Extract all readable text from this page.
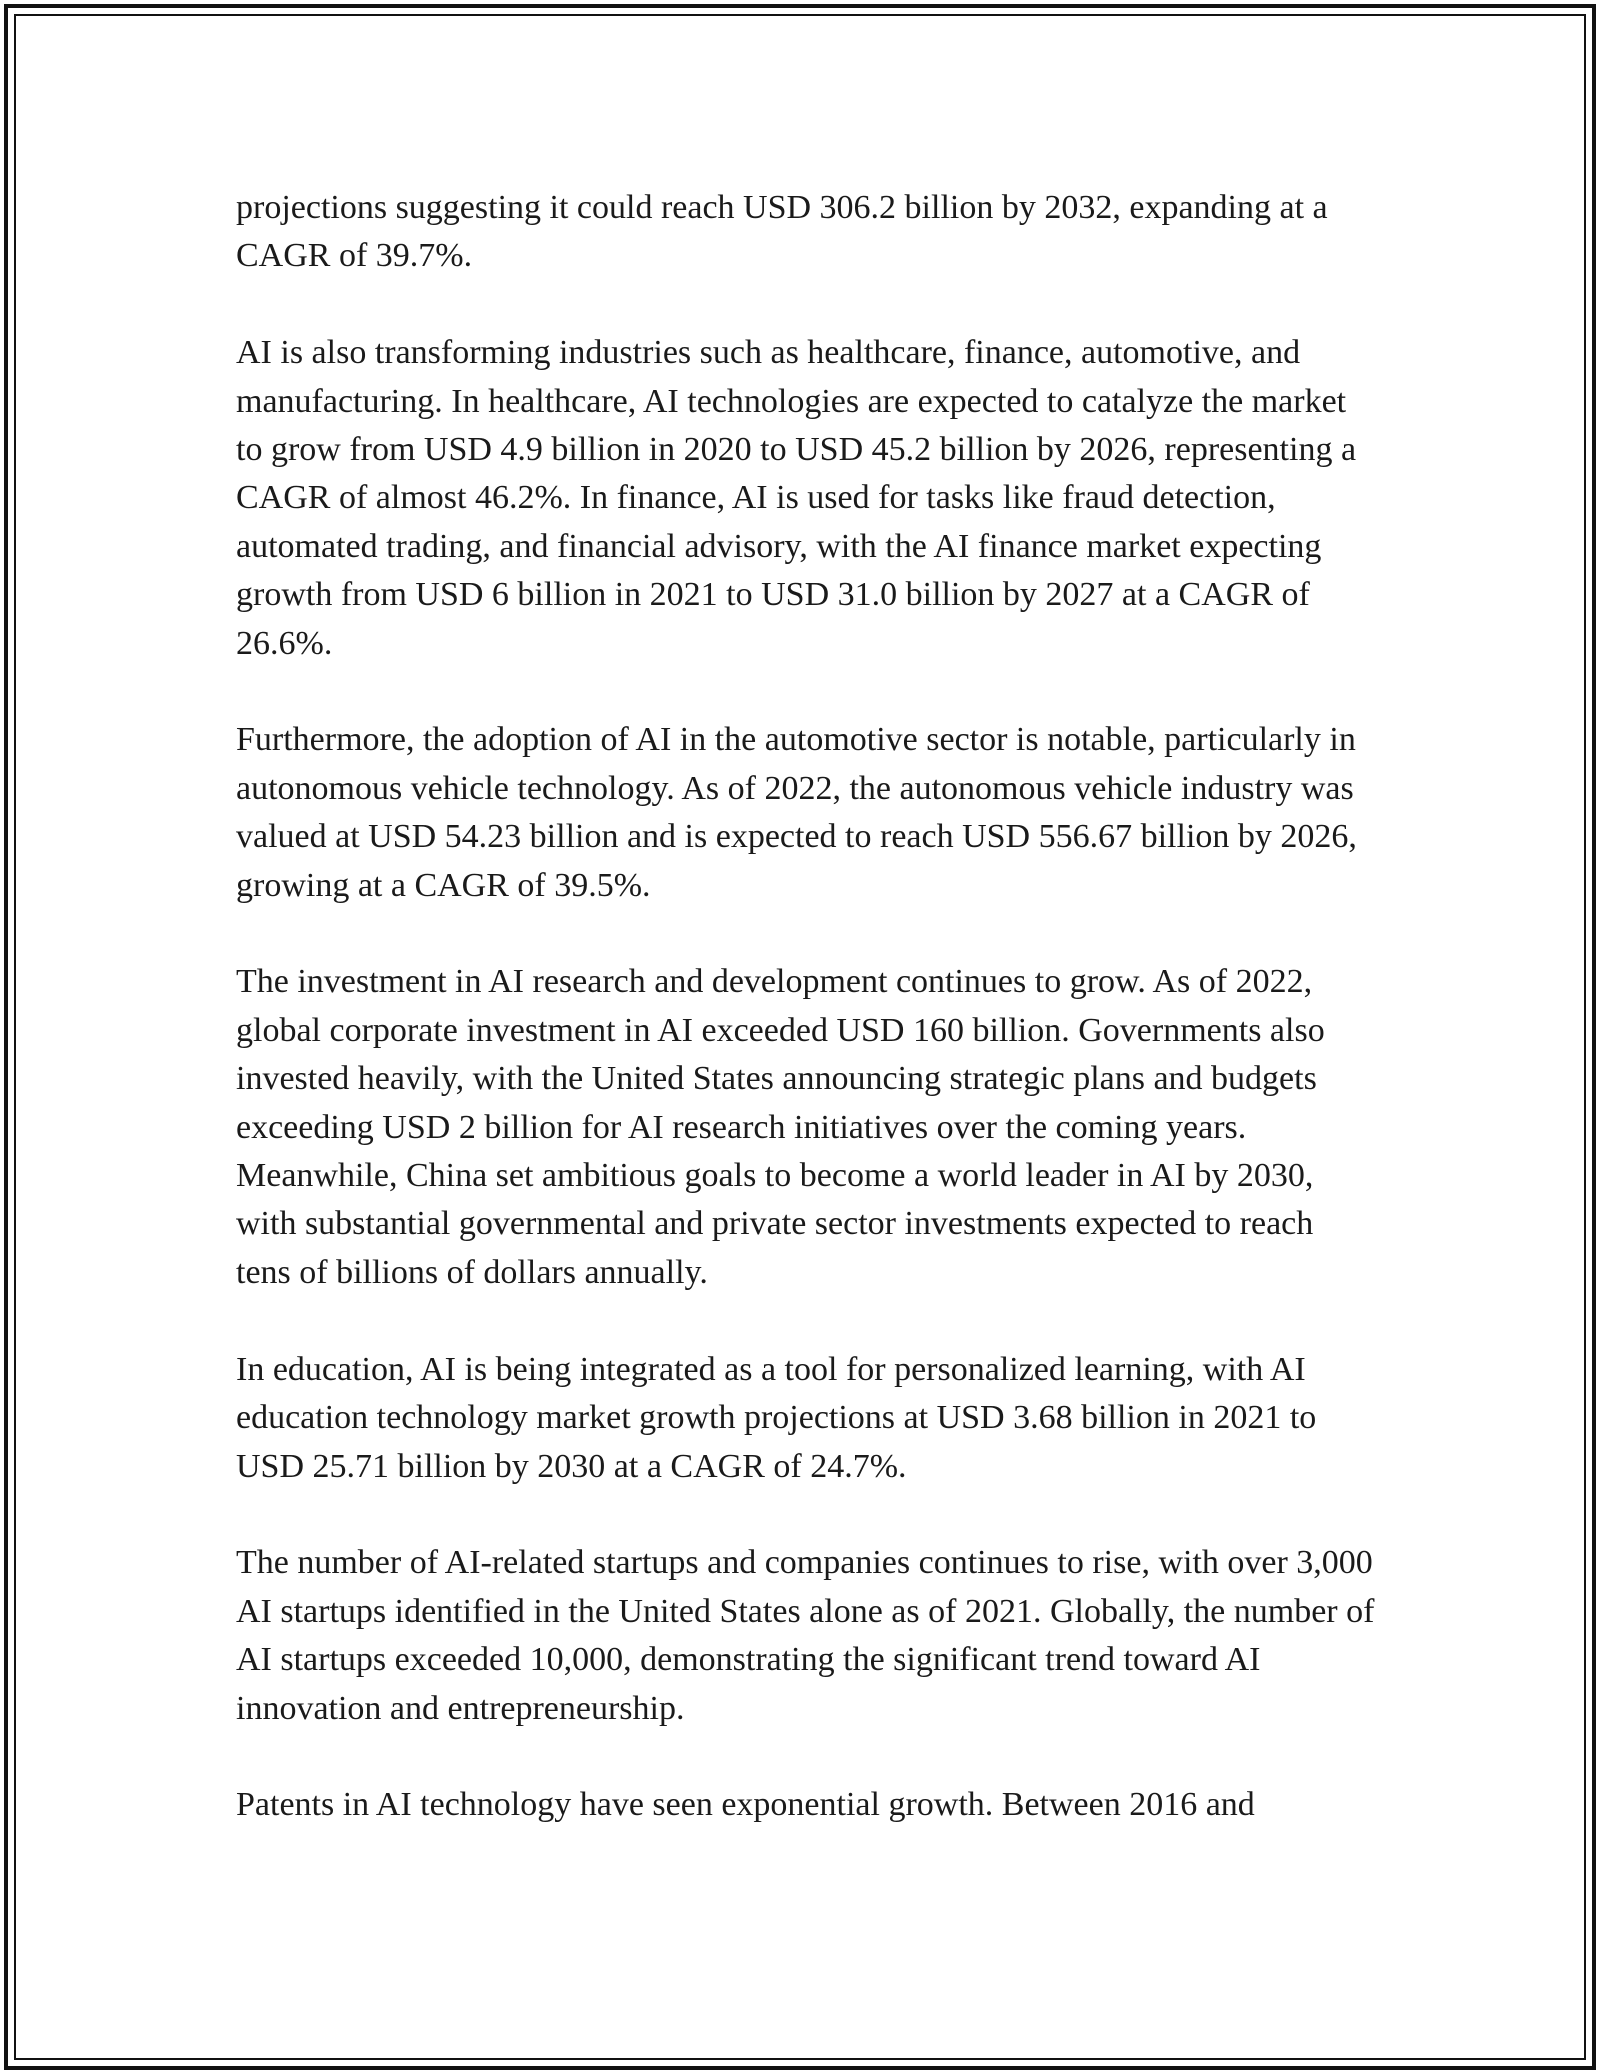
projections suggesting it could reach USD 306.2 billion by 2032, expanding at a CAGR of 39.7%.

AI is also transforming industries such as healthcare, finance, automotive, and manufacturing. In healthcare, AI technologies are expected to catalyze the market to grow from USD 4.9 billion in 2020 to USD 45.2 billion by 2026, representing a CAGR of almost 46.2%. In finance, AI is used for tasks like fraud detection, automated trading, and financial advisory, with the AI finance market expecting growth from USD 6 billion in 2021 to USD 31.0 billion by 2027 at a CAGR of 26.6%.

Furthermore, the adoption of AI in the automotive sector is notable, particularly in autonomous vehicle technology. As of 2022, the autonomous vehicle industry was valued at USD 54.23 billion and is expected to reach USD 556.67 billion by 2026, growing at a CAGR of 39.5%.

The investment in AI research and development continues to grow. As of 2022, global corporate investment in AI exceeded USD 160 billion. Governments also invested heavily, with the United States announcing strategic plans and budgets exceeding USD 2 billion for AI research initiatives over the coming years. Meanwhile, China set ambitious goals to become a world leader in AI by 2030, with substantial governmental and private sector investments expected to reach tens of billions of dollars annually.

In education, AI is being integrated as a tool for personalized learning, with AI education technology market growth projections at USD 3.68 billion in 2021 to USD 25.71 billion by 2030 at a CAGR of 24.7%.

The number of AI-related startups and companies continues to rise, with over 3,000 AI startups identified in the United States alone as of 2021. Globally, the number of AI startups exceeded 10,000, demonstrating the significant trend toward AI innovation and entrepreneurship.

Patents in AI technology have seen exponential growth. Between 2016 and
